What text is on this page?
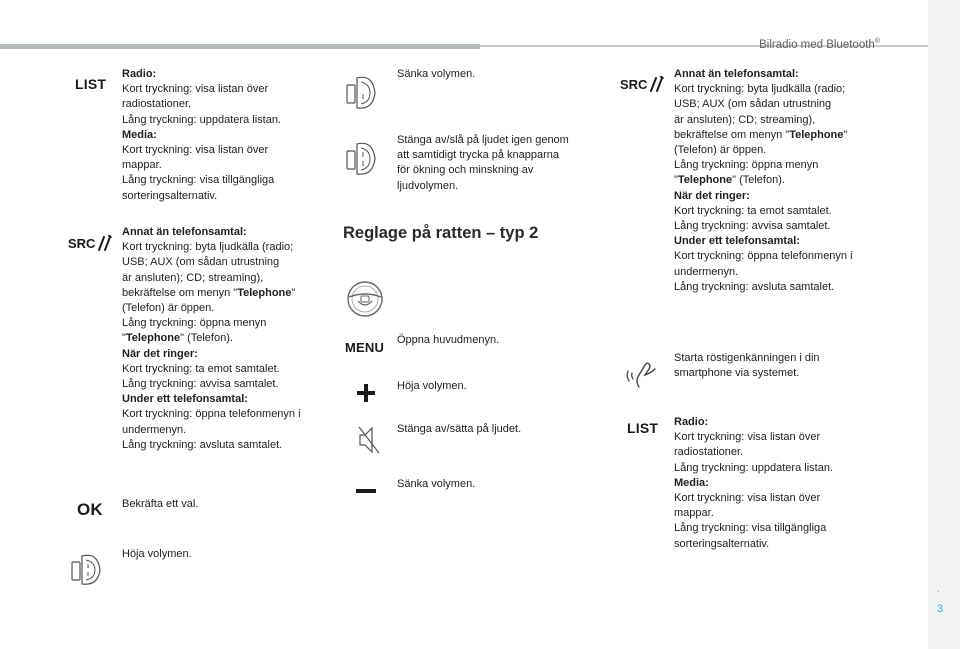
Bilradio med Bluetooth®
.
3
LIST
Radio:
Kort tryckning: visa listan över
radiostationer.
Lång tryckning: uppdatera listan.
Media:
Kort tryckning: visa listan över
mappar.
Lång tryckning: visa tillgängliga
sorteringsalternativ.
SRC
Annat än telefonsamtal:
Kort tryckning: byta ljudkälla (radio;
USB; AUX (om sådan utrustning
är ansluten); CD; streaming),
bekräftelse om menyn "Telephone"
(Telefon) är öppen.
Lång tryckning: öppna menyn
"Telephone" (Telefon).
När det ringer:
Kort tryckning: ta emot samtalet.
Lång tryckning: avvisa samtalet.
Under ett telefonsamtal:
Kort tryckning: öppna telefonmenyn i
undermenyn.
Lång tryckning: avsluta samtalet.
OK Bekräfta ett val.
Höja volymen.
Sänka volymen.
Stänga av/slå på ljudet igen genom
att samtidigt trycka på knapparna
för ökning och minskning av
ljudvolymen.
Reglage på ratten – typ 2
MENU Öppna huvudmenyn.
Höja volymen.
Stänga av/sätta på ljudet.
Sänka volymen.
SRC
Annat än telefonsamtal:
Kort tryckning: byta ljudkälla (radio;
USB; AUX (om sådan utrustning
är ansluten); CD; streaming),
bekräftelse om menyn "Telephone"
(Telefon) är öppen.
Lång tryckning: öppna menyn
"Telephone" (Telefon).
När det ringer:
Kort tryckning: ta emot samtalet.
Lång tryckning: avvisa samtalet.
Under ett telefonsamtal:
Kort tryckning: öppna telefonmenyn i
undermenyn.
Lång tryckning: avsluta samtalet.
Starta röstigenkänningen i din
smartphone via systemet.
LIST Radio:
Kort tryckning: visa listan över
radiostationer.
Lång tryckning: uppdatera listan.
Media:
Kort tryckning: visa listan över
mappar.
Lång tryckning: visa tillgängliga
sorteringsalternativ.
